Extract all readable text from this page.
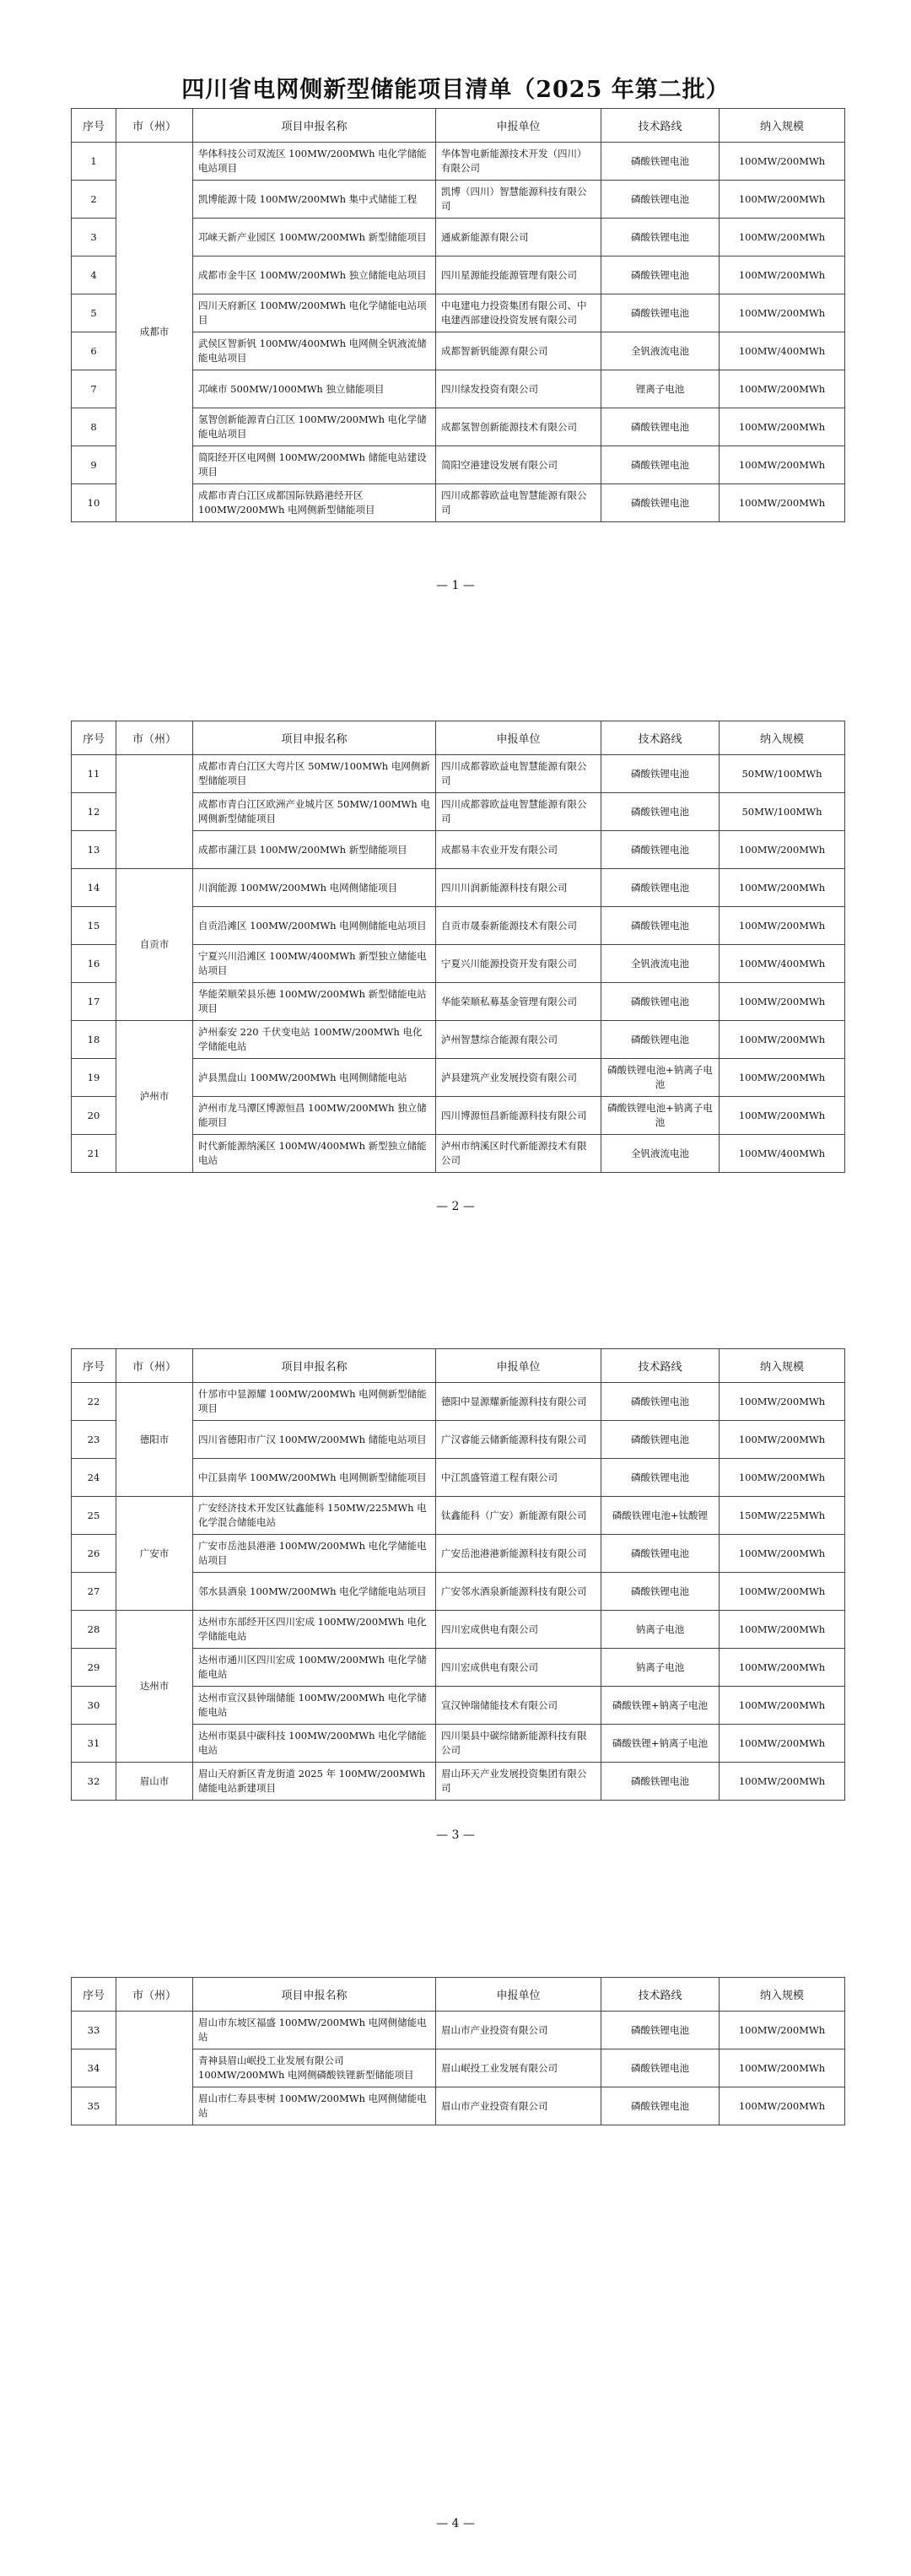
四川省电网侧新型储能项目清单（2025 年第二批）
序号	市（州）	项目申报名称	申报单位	技术路线	纳入规模
1	成都市	华体科技公司双流区 100MW/200MWh 电化学储能电站项目	华体智电新能源技术开发（四川）有限公司	磷酸铁锂电池	100MW/200MWh
2		凯博能源十陵 100MW/200MWh 集中式储能工程	凯博（四川）智慧能源科技有限公司	磷酸铁锂电池	100MW/200MWh
3		邛崃天新产业园区 100MW/200MWh 新型储能项目	通威新能源有限公司	磷酸铁锂电池	100MW/200MWh
4		成都市金牛区 100MW/200MWh 独立储能电站项目	四川星源能投能源管理有限公司	磷酸铁锂电池	100MW/200MWh
5		四川天府新区 100MW/200MWh 电化学储能电站项目	中电建电力投资集团有限公司、中电建西部建设投资发展有限公司	磷酸铁锂电池	100MW/200MWh
6		武侯区智新钒 100MW/400MWh 电网侧全钒液流储能电站项目	成都智新钒能源有限公司	全钒液流电池	100MW/400MWh
7		邛崃市 500MW/1000MWh 独立储能项目	四川绿发投资有限公司	锂离子电池	100MW/200MWh
8		氢智创新能源青白江区 100MW/200MWh 电化学储能电站项目	成都氢智创新能源技术有限公司	磷酸铁锂电池	100MW/200MWh
9		简阳经开区电网侧 100MW/200MWh 储能电站建设项目	简阳空港建设发展有限公司	磷酸铁锂电池	100MW/200MWh
10		成都市青白江区成都国际铁路港经开区 100MW/200MWh 电网侧新型储能项目	四川成都蓉欧益电智慧能源有限公司	磷酸铁锂电池	100MW/200MWh
— 1 —
序号	市（州）	项目申报名称	申报单位	技术路线	纳入规模
11		成都市青白江区大弯片区 50MW/100MWh 电网侧新型储能项目	四川成都蓉欧益电智慧能源有限公司	磷酸铁锂电池	50MW/100MWh
12		成都市青白江区欧洲产业城片区 50MW/100MWh 电网侧新型储能项目	四川成都蓉欧益电智慧能源有限公司	磷酸铁锂电池	50MW/100MWh
13		成都市蒲江县 100MW/200MWh 新型储能项目	成都易丰农业开发有限公司	磷酸铁锂电池	100MW/200MWh
14	自贡市	川润能源 100MW/200MWh 电网侧储能项目	四川川润新能源科技有限公司	磷酸铁锂电池	100MW/200MWh
15		自贡沿滩区 100MW/200MWh 电网侧储能电站项目	自贡市晟泰新能源技术有限公司	磷酸铁锂电池	100MW/200MWh
16		宁夏兴川沿滩区 100MW/400MWh 新型独立储能电站项目	宁夏兴川能源投资开发有限公司	全钒液流电池	100MW/400MWh
17		华能荣顺荣县乐德 100MW/200MWh 新型储能电站项目	华能荣顺私募基金管理有限公司	磷酸铁锂电池	100MW/200MWh
18	泸州市	泸州泰安 220 千伏变电站 100MW/200MWh 电化学储能电站	泸州智慧综合能源有限公司	磷酸铁锂电池	100MW/200MWh
19		泸县黑盘山 100MW/200MWh 电网侧储能电站	泸县建筑产业发展投资有限公司	磷酸铁锂电池+钠离子电池	100MW/200MWh
20		泸州市龙马潭区博源恒昌 100MW/200MWh 独立储能项目	四川博源恒昌新能源科技有限公司	磷酸铁锂电池+钠离子电池	100MW/200MWh
21		时代新能源纳溪区 100MW/400MWh 新型独立储能电站	泸州市纳溪区时代新能源技术有限公司	全钒液流电池	100MW/400MWh
— 2 —
序号	市（州）	项目申报名称	申报单位	技术路线	纳入规模
22	德阳市	什邡市中显源耀 100MW/200MWh 电网侧新型储能项目	德阳中显源耀新能源科技有限公司	磷酸铁锂电池	100MW/200MWh
23		四川省德阳市广汉 100MW/200MWh 储能电站项目	广汉睿能云储新能源科技有限公司	磷酸铁锂电池	100MW/200MWh
24		中江县南华 100MW/200MWh 电网侧新型储能项目	中江凯盛管道工程有限公司	磷酸铁锂电池	100MW/200MWh
25	广安市	广安经济技术开发区钛鑫能科 150MW/225MWh 电化学混合储能电站	钛鑫能科（广安）新能源有限公司	磷酸铁锂电池+钛酸锂	150MW/225MWh
26		广安市岳池县港港 100MW/200MWh 电化学储能电站项目	广安岳池港港新能源科技有限公司	磷酸铁锂电池	100MW/200MWh
27		邻水县酒泉 100MW/200MWh 电化学储能电站项目	广安邻水酒泉新能源科技有限公司	磷酸铁锂电池	100MW/200MWh
28	达州市	达州市东部经开区四川宏成 100MW/200MWh 电化学储能电站	四川宏成供电有限公司	钠离子电池	100MW/200MWh
29		达州市通川区四川宏成 100MW/200MWh 电化学储能电站	四川宏成供电有限公司	钠离子电池	100MW/200MWh
30		达州市宣汉县钟瑞储能 100MW/200MWh 电化学储能电站	宣汉钟瑞储能技术有限公司	磷酸铁锂+钠离子电池	100MW/200MWh
31		达州市渠县中碳科技 100MW/200MWh 电化学储能电站	四川渠县中碳综储新能源科技有限公司	磷酸铁锂+钠离子电池	100MW/200MWh
32	眉山市	眉山天府新区青龙街道 2025 年 100MW/200MWh 储能电站新建项目	眉山环天产业发展投资集团有限公司	磷酸铁锂电池	100MW/200MWh
— 3 —
序号	市（州）	项目申报名称	申报单位	技术路线	纳入规模
33		眉山市东坡区福盛 100MW/200MWh 电网侧储能电站	眉山市产业投资有限公司	磷酸铁锂电池	100MW/200MWh
34		青神县眉山岷投工业发展有限公司 100MW/200MWh 电网侧磷酸铁锂新型储能项目	眉山岷投工业发展有限公司	磷酸铁锂电池	100MW/200MWh
35		眉山市仁寿县枣树 100MW/200MWh 电网侧储能电站	眉山市产业投资有限公司	磷酸铁锂电池	100MW/200MWh
— 4 —
